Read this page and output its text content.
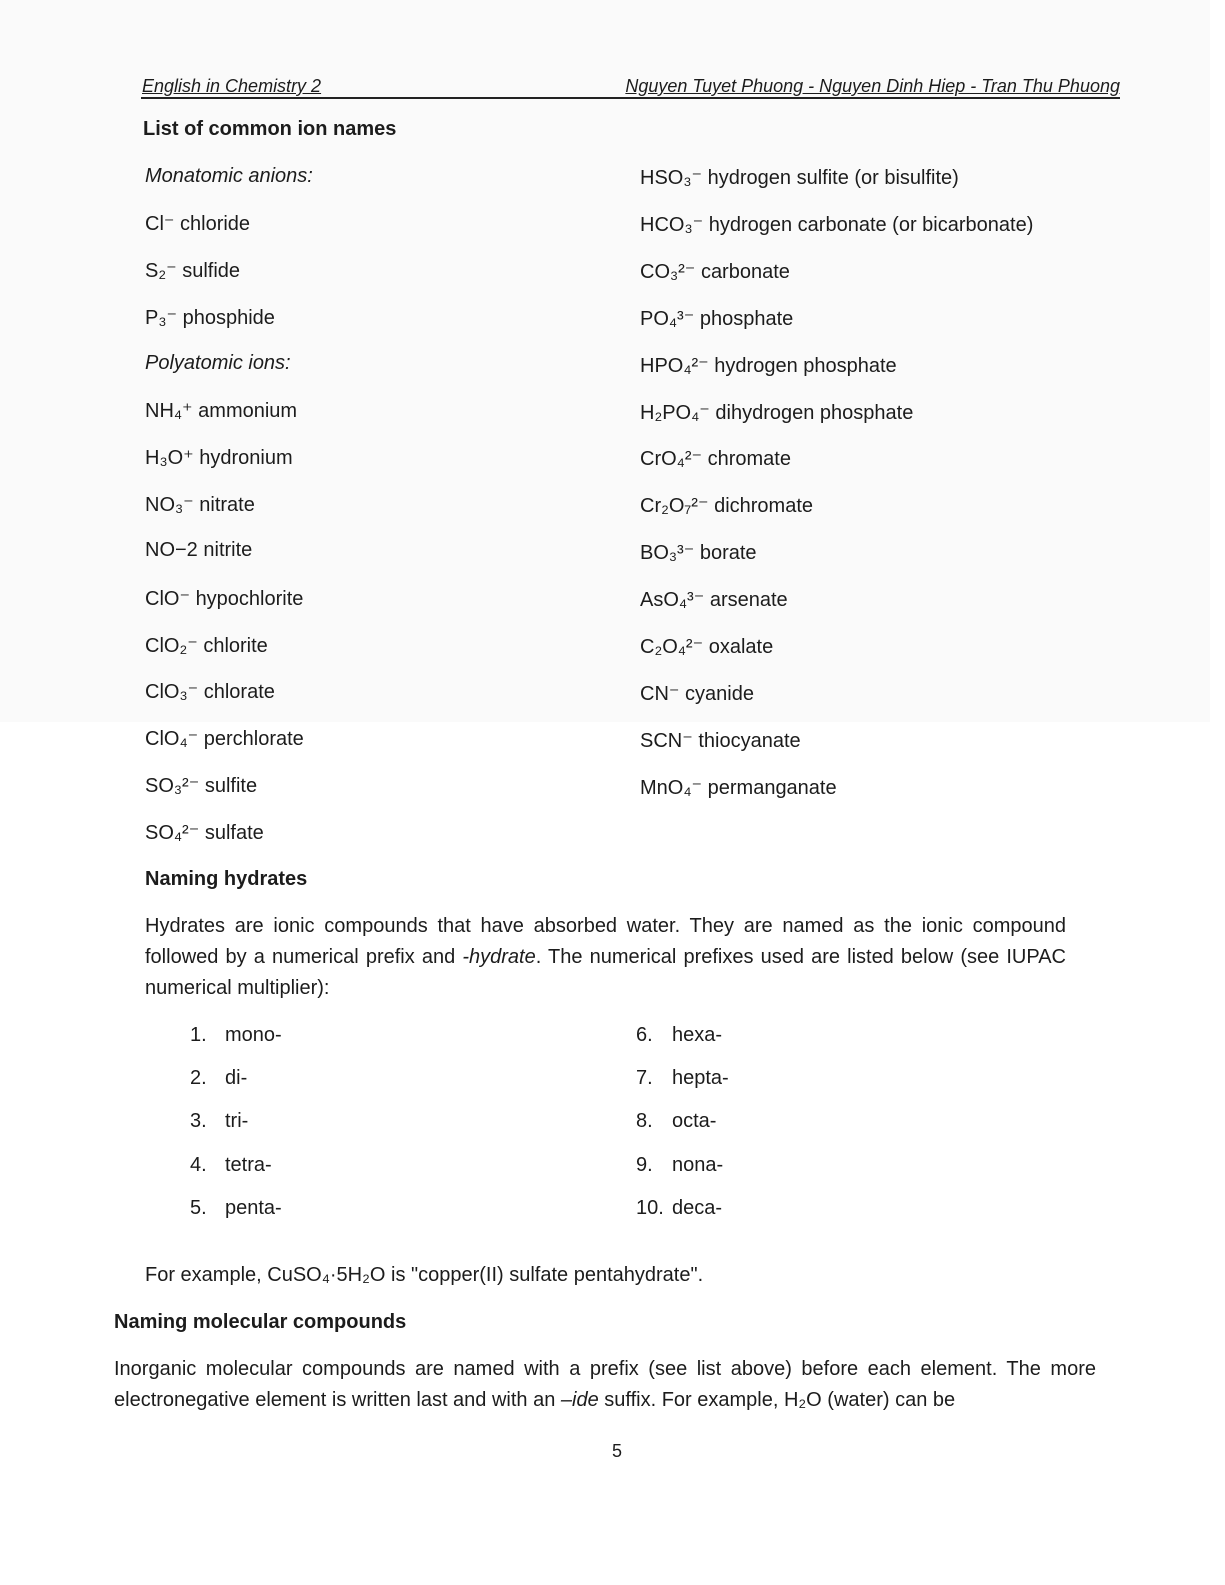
English in Chemistry 2	Nguyen Tuyet Phuong - Nguyen Dinh Hiep - Tran Thu Phuong
List of common ion names
Monatomic anions:
Cl⁻ chloride
S₂⁻ sulfide
P₃⁻ phosphide
Polyatomic ions:
NH₄⁺ ammonium
H₃O⁺ hydronium
NO₃⁻ nitrate
NO−2 nitrite
ClO⁻ hypochlorite
ClO₂⁻ chlorite
ClO₃⁻ chlorate
ClO₄⁻ perchlorate
SO₃²⁻ sulfite
SO₄²⁻ sulfate
HSO₃⁻ hydrogen sulfite (or bisulfite)
HCO₃⁻ hydrogen carbonate (or bicarbonate)
CO₃²⁻ carbonate
PO₄³⁻ phosphate
HPO₄²⁻ hydrogen phosphate
H₂PO₄⁻ dihydrogen phosphate
CrO₄²⁻ chromate
Cr₂O₇²⁻ dichromate
BO₃³⁻ borate
AsO₄³⁻ arsenate
C₂O₄²⁻ oxalate
CN⁻ cyanide
SCN⁻ thiocyanate
MnO₄⁻ permanganate
Naming hydrates
Hydrates are ionic compounds that have absorbed water. They are named as the ionic compound followed by a numerical prefix and -hydrate. The numerical prefixes used are listed below (see IUPAC numerical multiplier):
1. mono-
2. di-
3. tri-
4. tetra-
5. penta-
6. hexa-
7. hepta-
8. octa-
9. nona-
10. deca-
For example, CuSO₄·5H₂O is "copper(II) sulfate pentahydrate".
Naming molecular compounds
Inorganic molecular compounds are named with a prefix (see list above) before each element. The more electronegative element is written last and with an –ide suffix. For example, H₂O (water) can be
5
